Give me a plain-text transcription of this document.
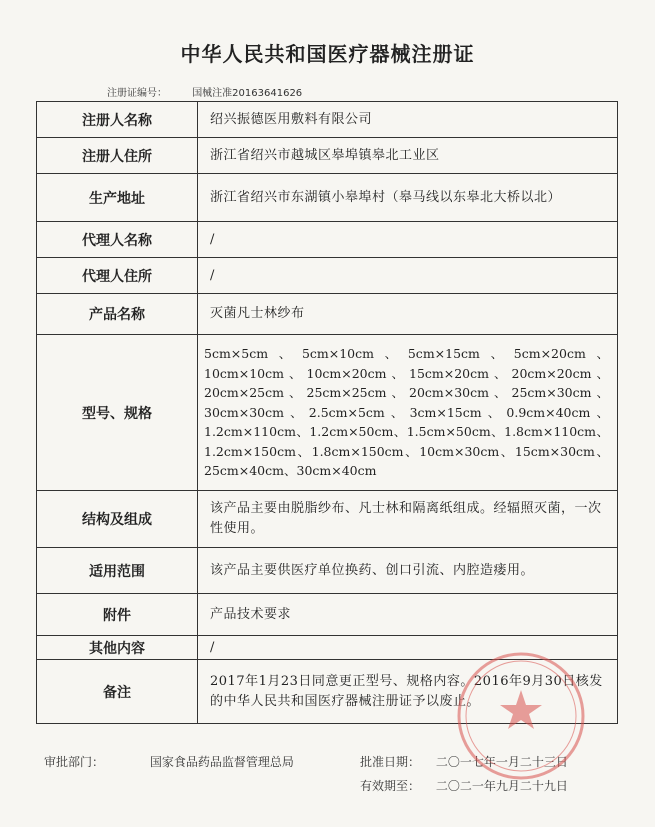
中华人民共和国医疗器械注册证
注册证编号：	国械注准20163641626
注册人名称	绍兴振德医用敷料有限公司
注册人住所	浙江省绍兴市越城区皋埠镇皋北工业区
生产地址	浙江省绍兴市东湖镇小皋埠村（皋马线以东皋北大桥以北）
代理人名称	/
代理人住所	/
产品名称	灭菌凡士林纱布
型号、规格	5cm×5cm、5cm×10cm、5cm×15cm、5cm×20cm、10cm×10cm、10cm×20cm、15cm×20cm、20cm×20cm、20cm×25cm、25cm×25cm、20cm×30cm、25cm×30cm、30cm×30cm、2.5cm×5cm、3cm×15cm、0.9cm×40cm、1.2cm×110cm、1.2cm×50cm、1.5cm×50cm、1.8cm×110cm、1.2cm×150cm、1.8cm×150cm、10cm×30cm、15cm×30cm、25cm×40cm、30cm×40cm
结构及组成	该产品主要由脱脂纱布、凡士林和隔离纸组成。经辐照灭菌，一次性使用。
适用范围	该产品主要供医疗单位换药、创口引流、内腔造瘘用。
附件	产品技术要求
其他内容	/
备注	2017年1月23日同意更正型号、规格内容。2016年9月30日核发的中华人民共和国医疗器械注册证予以废止。
审批部门：	国家食品药品监督管理总局	批准日期： 二〇一七年一月二十三日
有效期至： 二〇二一年九月二十九日
